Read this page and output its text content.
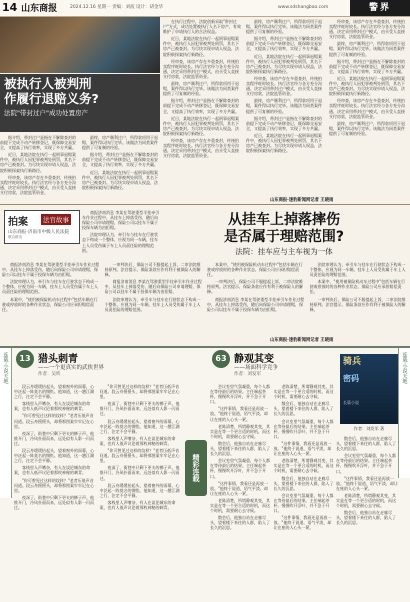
14 山东商报	2024.12.16 星期一 责编：刘波 设计：胡金华	www.sdshangbao.com	警界
被执行人被判刑
作履行退赔义务?
法院"带封过户"成功处置房产

在执行过程中，法院创新采取"带封过户"方式，成功处置被执行人名下房产，有效维护了申请执行人的合法权益。

近日，某地法院在执行一起刑事退赔案件中，被执行人因犯罪被判处刑罚，其名下房产已被查封。为尽快实现申请人权益，法院积极探索执行新路径。

经审查，该房产存在多重查封，传统拍卖程序耗时较长。执行法官经与各方充分沟通，决定采用带封过户模式，由买受人直接支付房款，法院监管资金。

最终，房产顺利过户，所得款项用于退赔，案件得以执行完毕。该做法为同类案件提供了可复制的经验。

据介绍，带封过户是指在不解除查封的前提下完成不动产转移登记，既保障交易安全，又提高了执行效率，实现了多方共赢。

近日，某地法院在执行一起刑事退赔案件中，被执行人因犯罪被判处刑罚，其名下房产已被查封。为尽快实现申请人权益，法院积极探索执行新路径。

经审查，该房产存在多重查封，传统拍卖程序耗时较长。执行法官经与各方充分沟通，决定采用带封过户模式，由买受人直接支付房款，法院监管资金。

最终，房产顺利过户，所得款项用于退赔，案件得以执行完毕。该做法为同类案件提供了可复制的经验。

据介绍，带封过户是指在不解除查封的前提下完成不动产转移登记，既保障交易安全，又提高了执行效率，实现了多方共赢。

近日，某地法院在执行一起刑事退赔案件中，被执行人因犯罪被判处刑罚，其名下房产已被查封。为尽快实现申请人权益，法院积极探索执行新路径。

经审查，该房产存在多重查封，传统拍卖程序耗时较长。执行法官经与各方充分沟通，决定采用带封过户模式，由买受人直接支付房款，法院监管资金。

最终，房产顺利过户，所得款项用于退赔，案件得以执行完毕。该做法为同类案件提供了可复制的经验。

据介绍，带封过户是指在不解除查封的前提下完成不动产转移登记，既保障交易安全，又提高了执行效率，实现了多方共赢。

近日，某地法院在执行一起刑事退赔案件中，被执行人因犯罪被判处刑罚，其名下房产已被查封。为尽快实现申请人权益，法院积极探索执行新路径。

经审查，该房产存在多重查封，传统拍卖程序耗时较长。执行法官经与各方充分沟通，决定采用带封过户模式，由买受人直接支付房款，法院监管资金。

最终，房产顺利过户，所得款项用于退赔，案件得以执行完毕。该做法为同类案件提供了可复制的经验。

据介绍，带封过户是指在不解除查封的前提下完成不动产转移登记，既保障交易安全，又提高了执行效率，实现了多方共赢。

近日，某地法院在执行一起刑事退赔案件中，被执行人因犯罪被判处刑罚，其名下房产已被查封。为尽快实现申请人权益，法院积极探索执行新路径。

经审查，该房产存在多重查封，传统拍卖程序耗时较长。执行法官经与各方充分沟通，决定采用带封过户模式，由买受人直接支付房款，法院监管资金。

最终，房产顺利过户，所得款项用于退赔，案件得以执行完毕。该做法为同类案件提供了可复制的经验。

据介绍，带封过户是指在不解除查封的前提下完成不动产转移登记，既保障交易安全，又提高了执行效率，实现了多方共赢。

近日，某地法院在执行一起刑事退赔案件中，被执行人因犯罪被判处刑罚，其名下房产已被查封。为尽快实现申请人权益，法院积极探索执行新路径。

经审查，该房产存在多重查封，传统拍卖程序耗时较长。执行法官经与各方充分沟通，决定采用带封过户模式，由买受人直接支付房款，法院监管资金。

最终，房产顺利过户，所得款项用于退赔，案件得以执行完毕。该做法为同类案件提供了可复制的经验。

据介绍，带封过户是指在不解除查封的前提下完成不动产转移登记，既保障交易安全，又提高了执行效率，实现了多方共赢。

近日，某地法院在执行一起刑事退赔案件中，被执行人因犯罪被判处刑罚，其名下房产已被查封。为尽快实现申请人权益，法院积极探索执行新路径。

山东商报·速豹新闻网记者 王晓雨
拍案	法官故事
山东商报·济南市中级人民法院
联合推出
从挂车上掉落摔伤
是否属于理赔范围?
法院：挂车应与主车视为一体

商报济南消息 李某在驾驶重型半挂牵引车作业过程中，从挂车上掉落受伤，随后向保险公司申请理赔，保险公司以挂车不属于投保车辆为由拒赔。

法院审理认为，牵引车与挂车在行驶状态下构成一个整体，应视为同一车辆，挂车上人员受伤属于车上人员责任险的理赔范围。

商报济南消息 李某在驾驶重型半挂牵引车作业过程中，从挂车上掉落受伤，随后向保险公司申请理赔，保险公司以挂车不属于投保车辆为由拒赔。

法院审理认为，牵引车与挂车在行驶状态下构成一个整体，应视为同一车辆，挂车上人员受伤属于车上人员责任险的理赔范围。

本案中，"使用被保险机动车过程中"包括车辆在行驶或停放时的各种作业状态，保险公司应承担赔偿责任。

一审判决后，保险公司不服提起上诉，二审法院维持原判。法官提示，保险条款应作有利于被保险人的解释。

商报济南消息 李某在驾驶重型半挂牵引车作业过程中，从挂车上掉落受伤，随后向保险公司申请理赔，保险公司以挂车不属于投保车辆为由拒赔。

法院审理认为，牵引车与挂车在行驶状态下构成一个整体，应视为同一车辆，挂车上人员受伤属于车上人员责任险的理赔范围。

本案中，"使用被保险机动车过程中"包括车辆在行驶或停放时的各种作业状态，保险公司应承担赔偿责任。

一审判决后，保险公司不服提起上诉，二审法院维持原判。法官提示，保险条款应作有利于被保险人的解释。

商报济南消息 李某在驾驶重型半挂牵引车作业过程中，从挂车上掉落受伤，随后向保险公司申请理赔，保险公司以挂车不属于投保车辆为由拒赔。

法院审理认为，牵引车与挂车在行驶状态下构成一个整体，应视为同一车辆，挂车上人员受伤属于车上人员责任险的理赔范围。

本案中，"使用被保险机动车过程中"包括车辆在行驶或停放时的各种作业状态，保险公司应承担赔偿责任。

一审判决后，保险公司不服提起上诉，二审法院维持原判。法官提示，保险条款应作有利于被保险人的解释。

山东商报·速豹新闻网记者 王晓雨
连载·小说天地	连载·小说天地
13 猎头刺青
——一个更真实的武侠世界
作者：吴昕
63 静观其变
——场面科学竞争
作者：刘发军

段云舟缓缓抬起头，望着窗外的雨幕，心中泛起一阵莫名的惆怅。他知道，这一趟江湖之行，注定不会平静。

客栈里人声嘈杂，有人在谈论城东的命案，也有人低声议论着那枚神秘的刺青。

"你可曾见过这样的纹样？"老者压低声音问道。段云舟摇摇头，却将那图案牢牢记在心里。

夜深了，街巷中只剩下更夫的梆子声。他推开门，冷风扑面而来，远处似有人影一闪而过。

段云舟缓缓抬起头，望着窗外的雨幕，心中泛起一阵莫名的惆怅。他知道，这一趟江湖之行，注定不会平静。

客栈里人声嘈杂，有人在谈论城东的命案，也有人低声议论着那枚神秘的刺青。

"你可曾见过这样的纹样？"老者压低声音问道。段云舟摇摇头，却将那图案牢牢记在心里。

夜深了，街巷中只剩下更夫的梆子声。他推开门，冷风扑面而来，远处似有人影一闪而过。

"你可曾见过这样的纹样？"老者压低声音问道。段云舟摇摇头，却将那图案牢牢记在心里。

夜深了，街巷中只剩下更夫的梆子声。他推开门，冷风扑面而来，远处似有人影一闪而过。

段云舟缓缓抬起头，望着窗外的雨幕，心中泛起一阵莫名的惆怅。他知道，这一趟江湖之行，注定不会平静。

客栈里人声嘈杂，有人在谈论城东的命案，也有人低声议论着那枚神秘的刺青。

"你可曾见过这样的纹样？"老者压低声音问道。段云舟摇摇头，却将那图案牢牢记在心里。

夜深了，街巷中只剩下更夫的梆子声。他推开门，冷风扑面而来，远处似有人影一闪而过。

段云舟缓缓抬起头，望着窗外的雨幕，心中泛起一阵莫名的惆怅。他知道，这一趟江湖之行，注定不会平静。

客栈里人声嘈杂，有人在谈论城东的命案，也有人低声议论着那枚神秘的刺青。

精彩连载

会议室里气氛凝重，每个人都在等待最后的结果。主任端起茶杯，慢慢吹开浮叶，并不急于开口。

"这件事情，我看还是再放一放。"他终于说道，语气平淡，却让在座的人心头一紧。

老陈清楚，所谓静观其变，其实是在等一个更合适的时机，而这个时机，需要耐心去守候。

散会后，他独自站在走廊尽头，望着楼下来往的人群，陷入了长久的沉思。

会议室里气氛凝重，每个人都在等待最后的结果。主任端起茶杯，慢慢吹开浮叶，并不急于开口。

"这件事情，我看还是再放一放。"他终于说道，语气平淡，却让在座的人心头一紧。

老陈清楚，所谓静观其变，其实是在等一个更合适的时机，而这个时机，需要耐心去守候。

散会后，他独自站在走廊尽头，望着楼下来往的人群，陷入了长久的沉思。

老陈清楚，所谓静观其变，其实是在等一个更合适的时机，而这个时机，需要耐心去守候。

散会后，他独自站在走廊尽头，望着楼下来往的人群，陷入了长久的沉思。

会议室里气氛凝重，每个人都在等待最后的结果。主任端起茶杯，慢慢吹开浮叶，并不急于开口。

"这件事情，我看还是再放一放。"他终于说道，语气平淡，却让在座的人心头一紧。

老陈清楚，所谓静观其变，其实是在等一个更合适的时机，而这个时机，需要耐心去守候。

散会后，他独自站在走廊尽头，望着楼下来往的人群，陷入了长久的沉思。

会议室里气氛凝重，每个人都在等待最后的结果。主任端起茶杯，慢慢吹开浮叶，并不急于开口。

"这件事情，我看还是再放一放。"他终于说道，语气平淡，却让在座的人心头一紧。

骑兵
密码
长篇小说
作者：刘发军 著

散会后，他独自站在走廊尽头，望着楼下来往的人群，陷入了长久的沉思。

会议室里气氛凝重，每个人都在等待最后的结果。主任端起茶杯，慢慢吹开浮叶，并不急于开口。

"这件事情，我看还是再放一放。"他终于说道，语气平淡，却让在座的人心头一紧。

老陈清楚，所谓静观其变，其实是在等一个更合适的时机，而这个时机，需要耐心去守候。

散会后，他独自站在走廊尽头，望着楼下来往的人群，陷入了长久的沉思。
